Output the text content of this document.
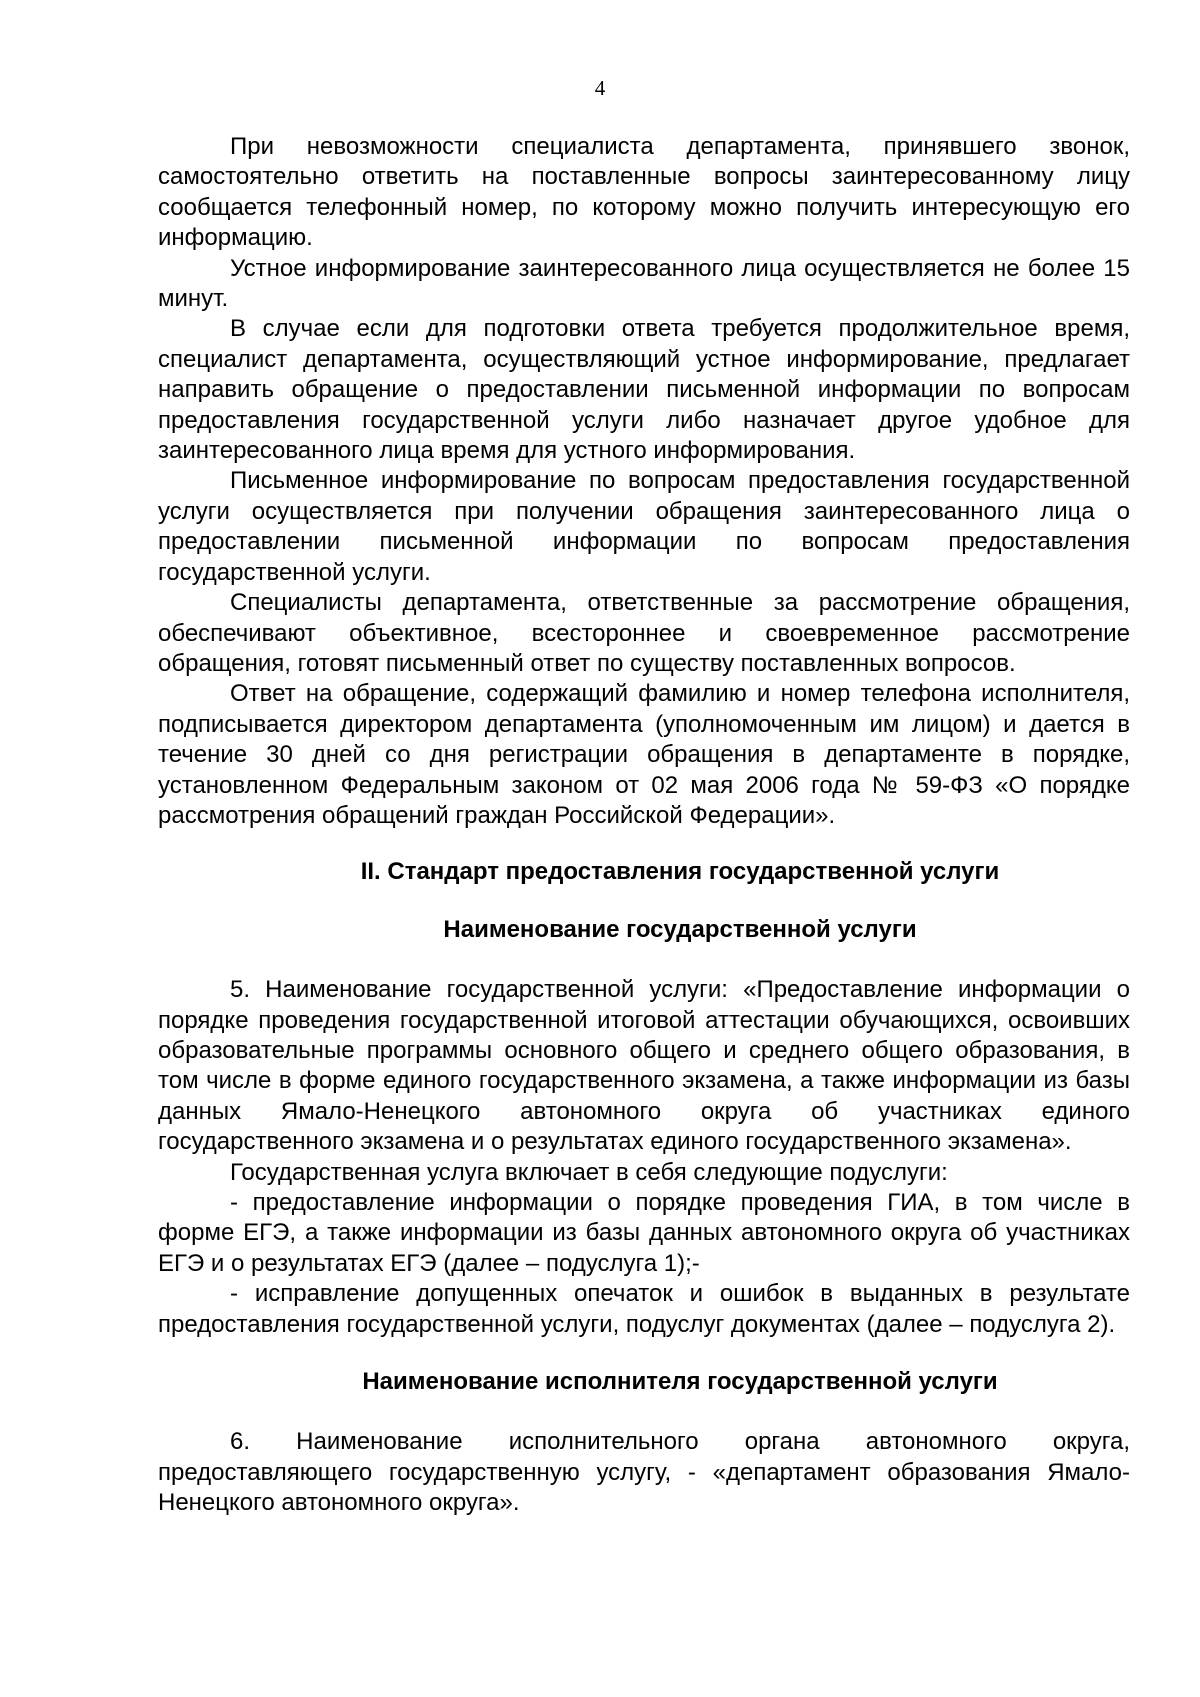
4

При невозможности специалиста департамента, принявшего звонок, самостоятельно ответить на поставленные вопросы заинтересованному лицу сообщается телефонный номер, по которому можно получить интересующую его информацию.

Устное информирование заинтересованного лица осуществляется не более 15 минут.

В случае если для подготовки ответа требуется продолжительное время, специалист департамента, осуществляющий устное информирование, предлагает направить обращение о предоставлении письменной информации по вопросам предоставления государственной услуги либо назначает другое удобное для заинтересованного лица время для устного информирования.

Письменное информирование по вопросам предоставления государственной услуги осуществляется при получении обращения заинтересованного лица о предоставлении письменной информации по вопросам предоставления государственной услуги.

Специалисты департамента, ответственные за рассмотрение обращения, обеспечивают объективное, всестороннее и своевременное рассмотрение обращения, готовят письменный ответ по существу поставленных вопросов.

Ответ на обращение, содержащий фамилию и номер телефона исполнителя, подписывается директором департамента (уполномоченным им лицом) и дается в течение 30 дней со дня регистрации обращения в департаменте в порядке, установленном Федеральным законом от 02 мая 2006 года № 59-ФЗ «О порядке рассмотрения обращений граждан Российской Федерации».

II. Стандарт предоставления государственной услуги

Наименование государственной услуги

5. Наименование государственной услуги: «Предоставление информации о порядке проведения государственной итоговой аттестации обучающихся, освоивших образовательные программы основного общего и среднего общего образования, в том числе в форме единого государственного экзамена, а также информации из базы данных Ямало-Ненецкого автономного округа об участниках единого государственного экзамена и о результатах единого государственного экзамена».

Государственная услуга включает в себя следующие подуслуги:

- предоставление информации о порядке проведения ГИА, в том числе в форме ЕГЭ, а также информации из базы данных автономного округа об участниках ЕГЭ и о результатах ЕГЭ (далее – подуслуга 1);-

- исправление допущенных опечаток и ошибок в выданных в результате предоставления государственной услуги, подуслуг документах (далее – подуслуга 2).

Наименование исполнителя государственной услуги

6. Наименование исполнительного органа автономного округа, предоставляющего государственную услугу, - «департамент образования Ямало-Ненецкого автономного округа».
